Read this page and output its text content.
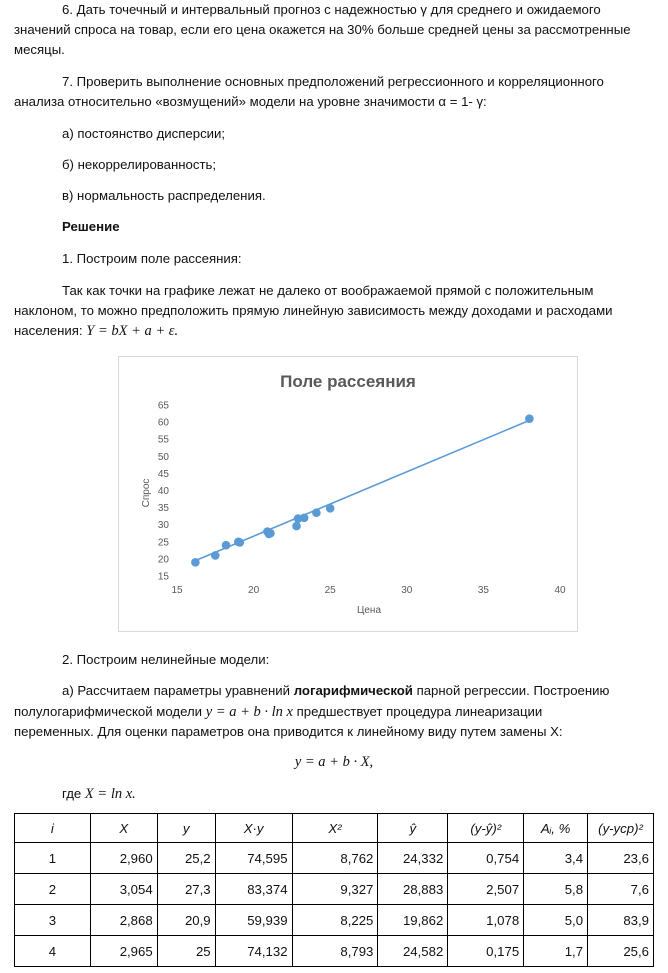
6. Дать точечный и интервальный прогноз с надежностью γ для среднего и ожидаемого

значений спроса на товар, если его цена окажется на 30% больше средней цены за рассмотренные

месяцы.

7. Проверить выполнение основных предположений регрессионного и корреляционного

анализа относительно «возмущений» модели на уровне значимости α = 1- γ:

а) постоянство дисперсии;

б) некоррелированность;

в) нормальность распределения.

Решение

1. Построим поле рассеяния:

Так как точки на графике лежат не далеко от воображаемой прямой с положительным

наклоном, то можно предположить прямую линейную зависимость между доходами и расходами

населения: Y = bX + a + ε.

Поле рассеяния
Цена
Спрос
15
20
25
30
35
40
45
50
55
60
65
15	20	25	30	35	40

2. Построим нелинейные модели:

а) Рассчитаем параметры уравнений логарифмической парной регрессии. Построению

полулогарифмической модели y = a + b · ln x предшествует процедура линеаризации

переменных. Для оценки параметров она приводится к линейному виду путем замены X:

y = a + b · X,

где X = ln x.

i	X	y	X·y	X²	ŷ	(y-ŷ)²	Aᵢ, %	(y-yср)²
1	2,960	25,2	74,595	8,762	24,332	0,754	3,4	23,6
2	3,054	27,3	83,374	9,327	28,883	2,507	5,8	7,6
3	2,868	20,9	59,939	8,225	19,862	1,078	5,0	83,9
4	2,965	25	74,132	8,793	24,582	0,175	1,7	25,6
